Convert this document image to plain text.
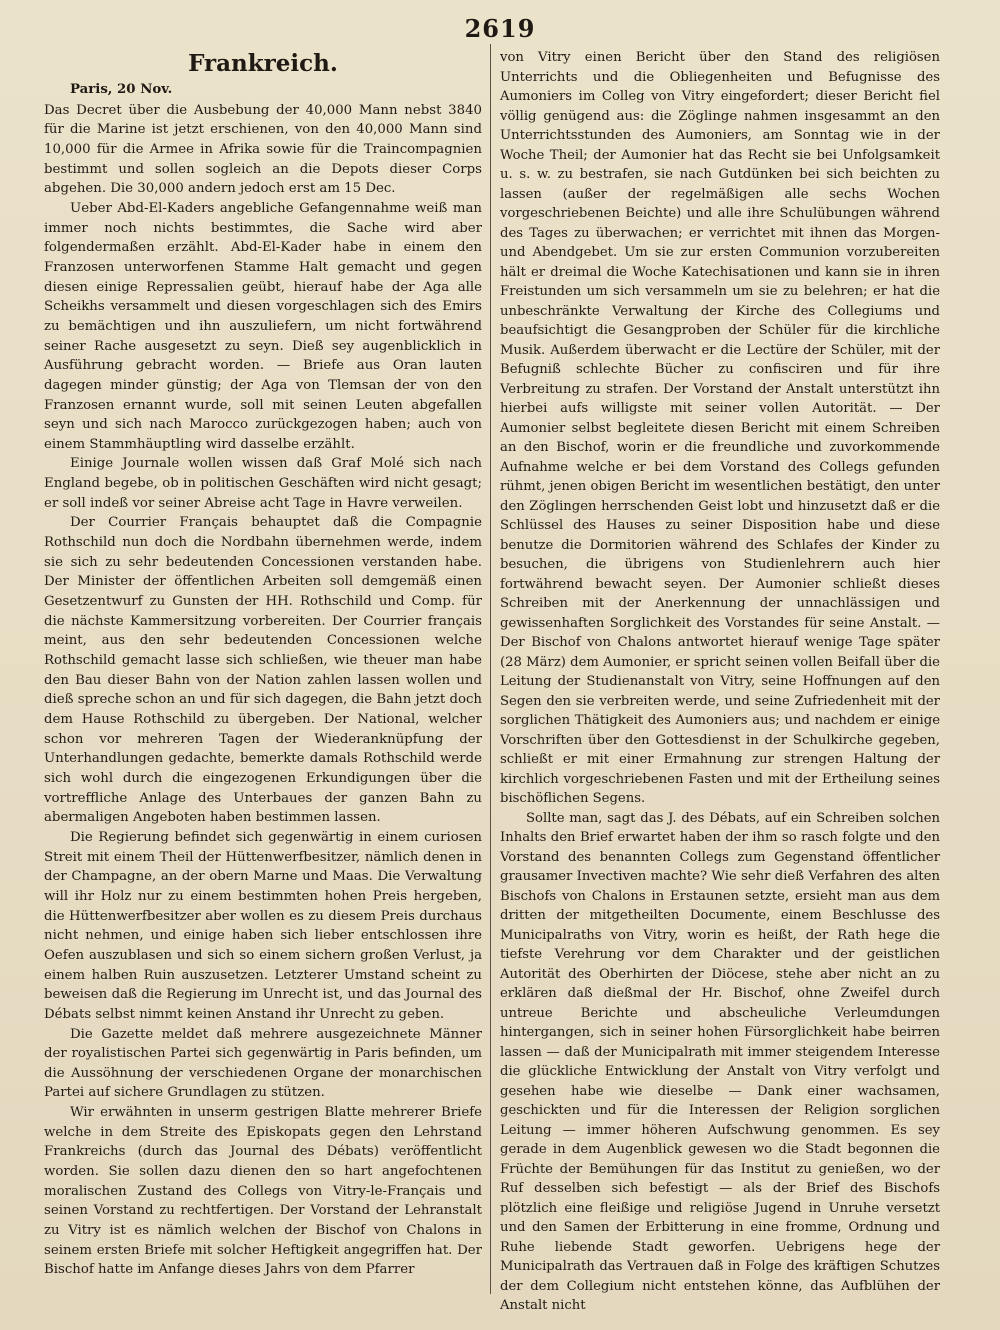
2619
Frankreich.
Paris, 20 Nov.

Das Decret über die Ausbebung der 40,000 Mann nebst 3840 für die Marine ist jetzt erschienen, von den 40,000 Mann sind 10,000 für die Armee in Afrika sowie für die Traincompagnien bestimmt und sollen sogleich an die Depots dieser Corps abgehen. Die 30,000 andern jedoch erst am 15 Dec.

Ueber Abd-El-Kaders angebliche Gefangennahme weiß man immer noch nichts bestimmtes, die Sache wird aber folgendermaßen erzählt. Abd-El-Kader habe in einem den Franzosen unterworfenen Stamme Halt gemacht und gegen diesen einige Repressalien geübt, hierauf habe der Aga alle Scheikhs versammelt und diesen vorgeschlagen sich des Emirs zu bemächtigen und ihn auszuliefern, um nicht fortwährend seiner Rache ausgesetzt zu seyn. Dieß sey augenblicklich in Ausführung gebracht worden. — Briefe aus Oran lauten dagegen minder günstig; der Aga von Tlemsan der von den Franzosen ernannt wurde, soll mit seinen Leuten abgefallen seyn und sich nach Marocco zurückgezogen haben; auch von einem Stammhäuptling wird dasselbe erzählt.

Einige Journale wollen wissen daß Graf Molé sich nach England begebe, ob in politischen Geschäften wird nicht gesagt; er soll indeß vor seiner Abreise acht Tage in Havre verweilen.

Der Courrier Français behauptet daß die Compagnie Rothschild nun doch die Nordbahn übernehmen werde, indem sie sich zu sehr bedeutenden Concessionen verstanden habe. Der Minister der öffentlichen Arbeiten soll demgemäß einen Gesetzentwurf zu Gunsten der HH. Rothschild und Comp. für die nächste Kammersitzung vorbereiten. Der Courrier français meint, aus den sehr bedeutenden Concessionen welche Rothschild gemacht lasse sich schließen, wie theuer man habe den Bau dieser Bahn von der Nation zahlen lassen wollen und dieß spreche schon an und für sich dagegen, die Bahn jetzt doch dem Hause Rothschild zu übergeben. Der National, welcher schon vor mehreren Tagen der Wiederanknüpfung der Unterhandlungen gedachte, bemerkte damals Rothschild werde sich wohl durch die eingezogenen Erkundigungen über die vortreffliche Anlage des Unterbaues der ganzen Bahn zu abermaligen Angeboten haben bestimmen lassen.

Die Regierung befindet sich gegenwärtig in einem curiosen Streit mit einem Theil der Hüttenwerfbesitzer, nämlich denen in der Champagne, an der obern Marne und Maas. Die Verwaltung will ihr Holz nur zu einem bestimmten hohen Preis hergeben, die Hüttenwerfbesitzer aber wollen es zu diesem Preis durchaus nicht nehmen, und einige haben sich lieber entschlossen ihre Oefen auszublasen und sich so einem sichern großen Verlust, ja einem halben Ruin auszusetzen. Letzterer Umstand scheint zu beweisen daß die Regierung im Unrecht ist, und das Journal des Débats selbst nimmt keinen Anstand ihr Unrecht zu geben.

Die Gazette meldet daß mehrere ausgezeichnete Männer der royalistischen Partei sich gegenwärtig in Paris befinden, um die Aussöhnung der verschiedenen Organe der monarchischen Partei auf sichere Grundlagen zu stützen.

Wir erwähnten in unserm gestrigen Blatte mehrerer Briefe welche in dem Streite des Episkopats gegen den Lehrstand Frankreichs (durch das Journal des Débats) veröffentlicht worden. Sie sollen dazu dienen den so hart angefochtenen moralischen Zustand des Collegs von Vitry-le-Français und seinen Vorstand zu rechtfertigen. Der Vorstand der Lehranstalt zu Vitry ist es nämlich welchen der Bischof von Chalons in seinem ersten Briefe mit solcher Heftigkeit angegriffen hat. Der Bischof hatte im Anfange dieses Jahrs von dem Pfarrer

von Vitry einen Bericht über den Stand des religiösen Unterrichts und die Obliegenheiten und Befugnisse des Aumoniers im Colleg von Vitry eingefordert; dieser Bericht fiel völlig genügend aus: die Zöglinge nahmen insgesammt an den Unterrichtsstunden des Aumoniers, am Sonntag wie in der Woche Theil; der Aumonier hat das Recht sie bei Unfolgsamkeit u. s. w. zu bestrafen, sie nach Gutdünken bei sich beichten zu lassen (außer der regelmäßigen alle sechs Wochen vorgeschriebenen Beichte) und alle ihre Schulübungen während des Tages zu überwachen; er verrichtet mit ihnen das Morgen- und Abendgebet. Um sie zur ersten Communion vorzubereiten hält er dreimal die Woche Katechisationen und kann sie in ihren Freistunden um sich versammeln um sie zu belehren; er hat die unbeschränkte Verwaltung der Kirche des Collegiums und beaufsichtigt die Gesangproben der Schüler für die kirchliche Musik. Außerdem überwacht er die Lectüre der Schüler, mit der Befugniß schlechte Bücher zu confisciren und für ihre Verbreitung zu strafen. Der Vorstand der Anstalt unterstützt ihn hierbei aufs willigste mit seiner vollen Autorität. — Der Aumonier selbst begleitete diesen Bericht mit einem Schreiben an den Bischof, worin er die freundliche und zuvorkommende Aufnahme welche er bei dem Vorstand des Collegs gefunden rühmt, jenen obigen Bericht im wesentlichen bestätigt, den unter den Zöglingen herrschenden Geist lobt und hinzusetzt daß er die Schlüssel des Hauses zu seiner Disposition habe und diese benutze die Dormitorien während des Schlafes der Kinder zu besuchen, die übrigens von Studienlehrern auch hier fortwährend bewacht seyen. Der Aumonier schließt dieses Schreiben mit der Anerkennung der unnachlässigen und gewissenhaften Sorglichkeit des Vorstandes für seine Anstalt. — Der Bischof von Chalons antwortet hierauf wenige Tage später (28 März) dem Aumonier, er spricht seinen vollen Beifall über die Leitung der Studienanstalt von Vitry, seine Hoffnungen auf den Segen den sie verbreiten werde, und seine Zufriedenheit mit der sorglichen Thätigkeit des Aumoniers aus; und nachdem er einige Vorschriften über den Gottesdienst in der Schulkirche gegeben, schließt er mit einer Ermahnung zur strengen Haltung der kirchlich vorgeschriebenen Fasten und mit der Ertheilung seines bischöflichen Segens.

Sollte man, sagt das J. des Débats, auf ein Schreiben solchen Inhalts den Brief erwartet haben der ihm so rasch folgte und den Vorstand des benannten Collegs zum Gegenstand öffentlicher grausamer Invectiven machte? Wie sehr dieß Verfahren des alten Bischofs von Chalons in Erstaunen setzte, ersieht man aus dem dritten der mitgetheilten Documente, einem Beschlusse des Municipalraths von Vitry, worin es heißt, der Rath hege die tiefste Verehrung vor dem Charakter und der geistlichen Autorität des Oberhirten der Diöcese, stehe aber nicht an zu erklären daß dießmal der Hr. Bischof, ohne Zweifel durch untreue Berichte und abscheuliche Verleumdungen hintergangen, sich in seiner hohen Fürsorglichkeit habe beirren lassen — daß der Municipalrath mit immer steigendem Interesse die glückliche Entwicklung der Anstalt von Vitry verfolgt und gesehen habe wie dieselbe — Dank einer wachsamen, geschickten und für die Interessen der Religion sorglichen Leitung — immer höheren Aufschwung genommen. Es sey gerade in dem Augenblick gewesen wo die Stadt begonnen die Früchte der Bemühungen für das Institut zu genießen, wo der Ruf desselben sich befestigt — als der Brief des Bischofs plötzlich eine fleißige und religiöse Jugend in Unruhe versetzt und den Samen der Erbitterung in eine fromme, Ordnung und Ruhe liebende Stadt geworfen. Uebrigens hege der Municipalrath das Vertrauen daß in Folge des kräftigen Schutzes der dem Collegium nicht entstehen könne, das Aufblühen der Anstalt nicht
